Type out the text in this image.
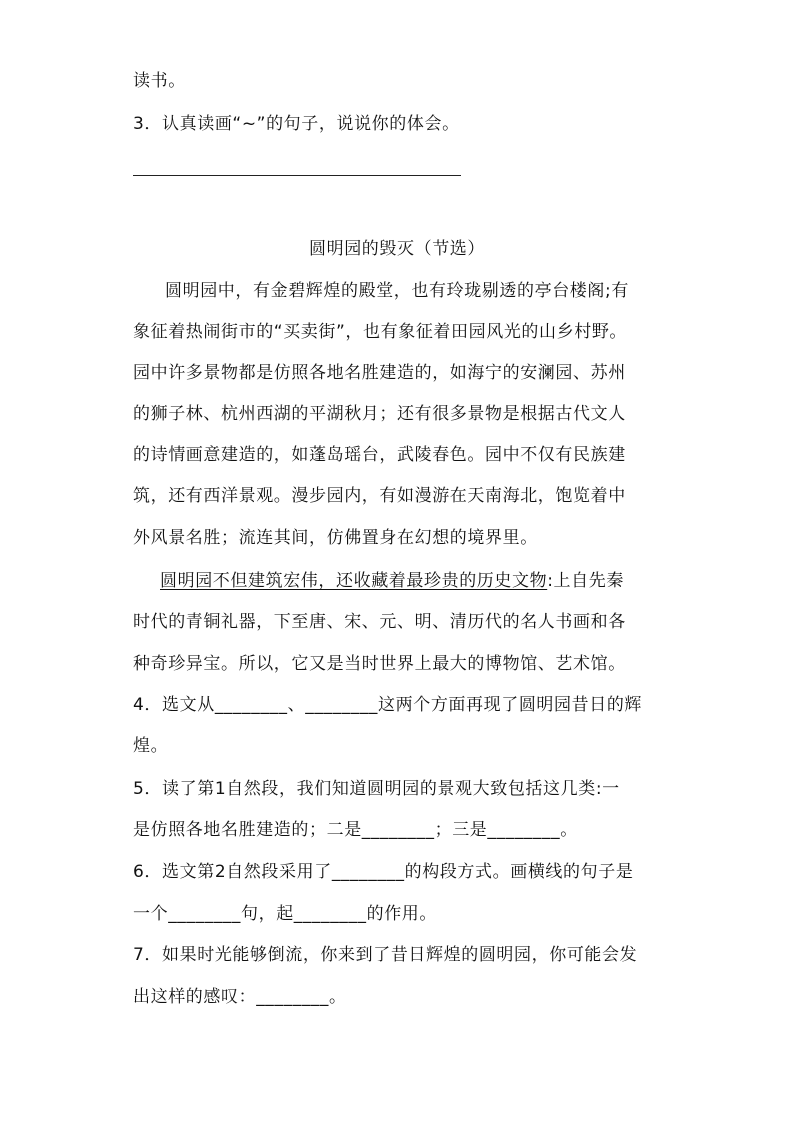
读书。
3．认真读画“~”的句子，说说你的体会。
圆明园的毁灭（节选）
圆明园中，有金碧辉煌的殿堂，也有玲珑剔透的亭台楼阁;有
象征着热闹街市的“买卖街”，也有象征着田园风光的山乡村野。
园中许多景物都是仿照各地名胜建造的，如海宁的安澜园、苏州
的狮子林、杭州西湖的平湖秋月；还有很多景物是根据古代文人
的诗情画意建造的，如蓬岛瑶台，武陵春色。园中不仅有民族建
筑，还有西洋景观。漫步园内，有如漫游在天南海北，饱览着中
外风景名胜；流连其间，仿佛置身在幻想的境界里。
圆明园不但建筑宏伟，还收藏着最珍贵的历史文物:上自先秦
时代的青铜礼器，下至唐、宋、元、明、清历代的名人书画和各
种奇珍异宝。所以，它又是当时世界上最大的博物馆、艺术馆。
4．选文从________、________这两个方面再现了圆明园昔日的辉
煌。
5．读了第1自然段，我们知道圆明园的景观大致包括这几类:一
是仿照各地名胜建造的；二是________；三是________。
6．选文第2自然段采用了________的构段方式。画横线的句子是
一个________句，起________的作用。
7．如果时光能够倒流，你来到了昔日辉煌的圆明园，你可能会发
出这样的感叹：________。
